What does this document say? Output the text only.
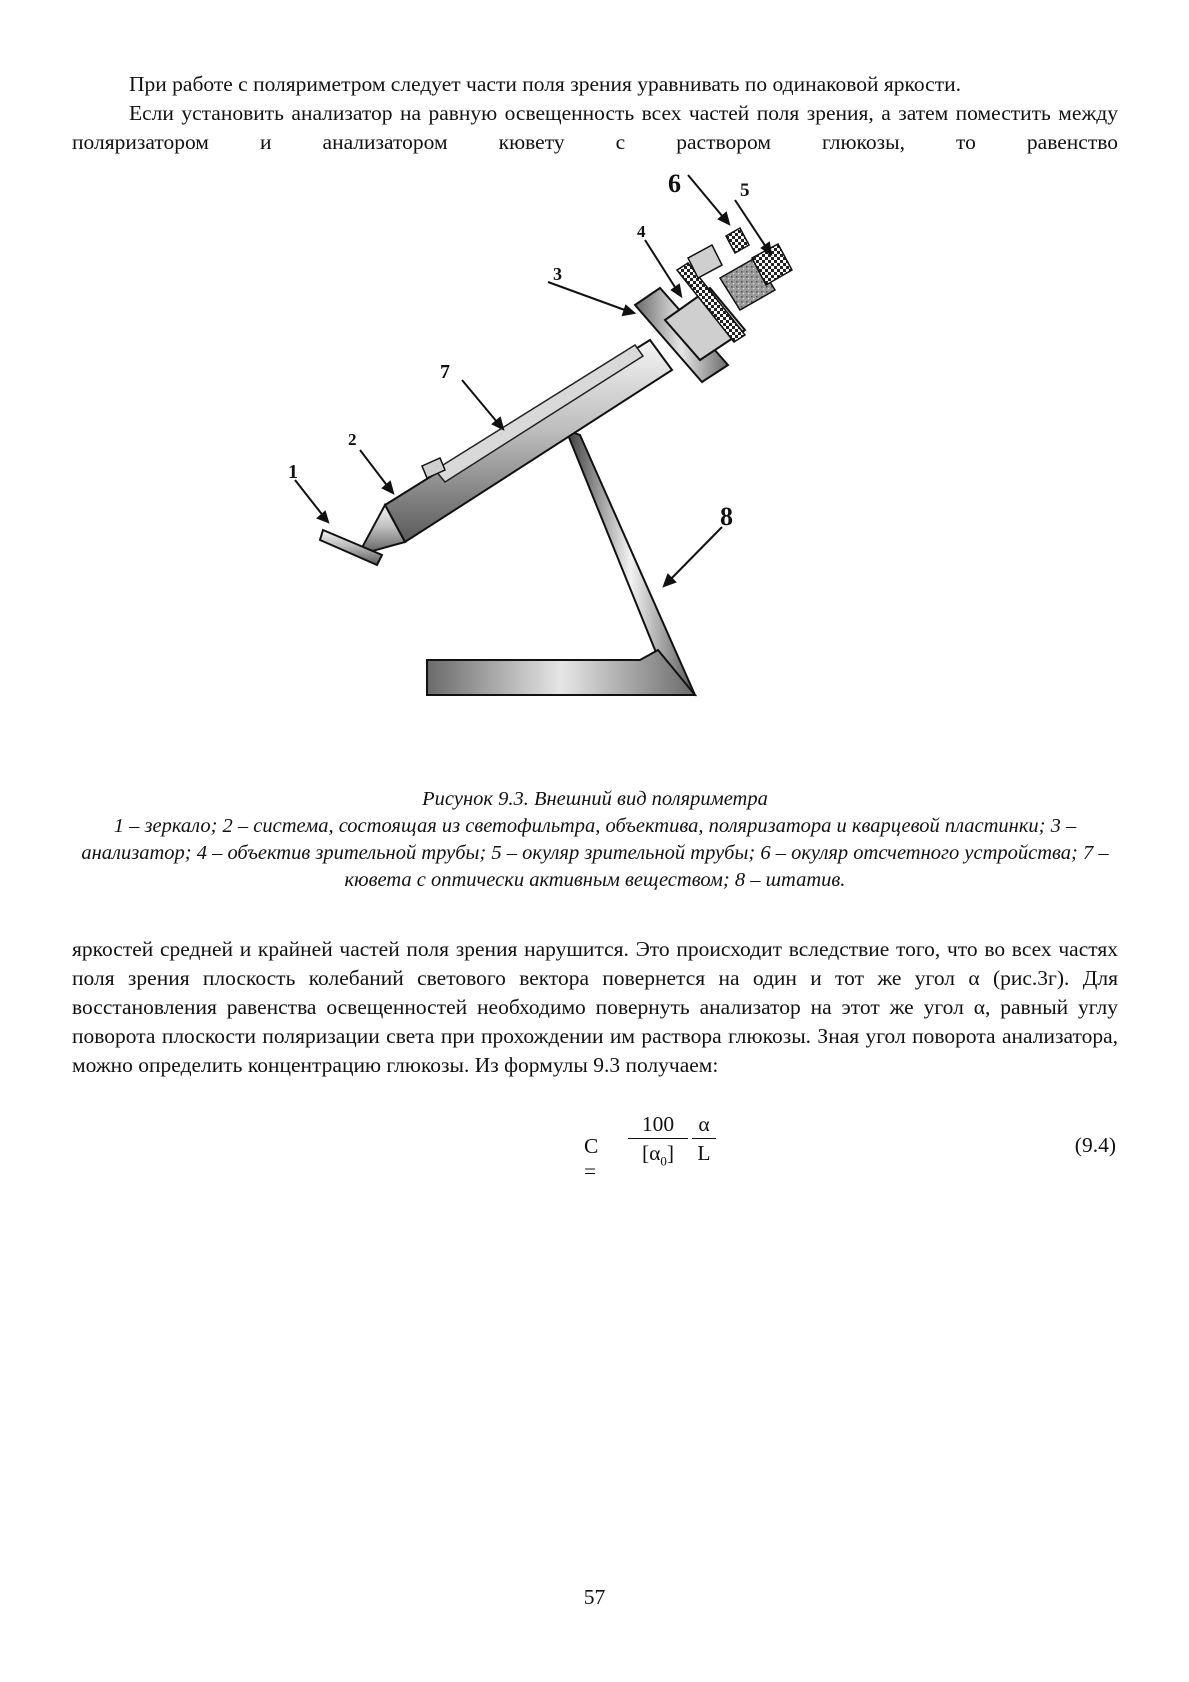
При работе с поляриметром следует части поля зрения уравнивать по одинаковой яркости.

Если установить анализатор на равную освещенность всех частей поля зрения, а затем поместить между поляризатором и анализатором кювету с раствором глюкозы, то равенство

1
2
3
4
5
6
7
8
Рисунок 9.3. Внешний вид поляриметра
1 – зеркало; 2 – система, состоящая из светофильтра, объектива, поляризатора и кварцевой пластинки; 3 – анализатор; 4 – объектив зрительной трубы; 5 – окуляр зрительной трубы; 6 – окуляр отсчетного устройства; 7 – кювета с оптически активным веществом; 8 – штатив.

яркостей средней и крайней частей поля зрения нарушится. Это происходит вследствие того, что во всех частях поля зрения плоскость колебаний светового вектора повернется на один и тот же угол α (рис.3г). Для восстановления равенства освещенностей необходимо повернуть анализатор на этот же угол α, равный углу поворота плоскости поляризации света при прохождении им раствора глюкозы. Зная угол поворота анализатора, можно определить концентрацию глюкозы. Из формулы 9.3 получаем:

C =
100
$[\alpha_0]$
α
L	(9.4)
57
